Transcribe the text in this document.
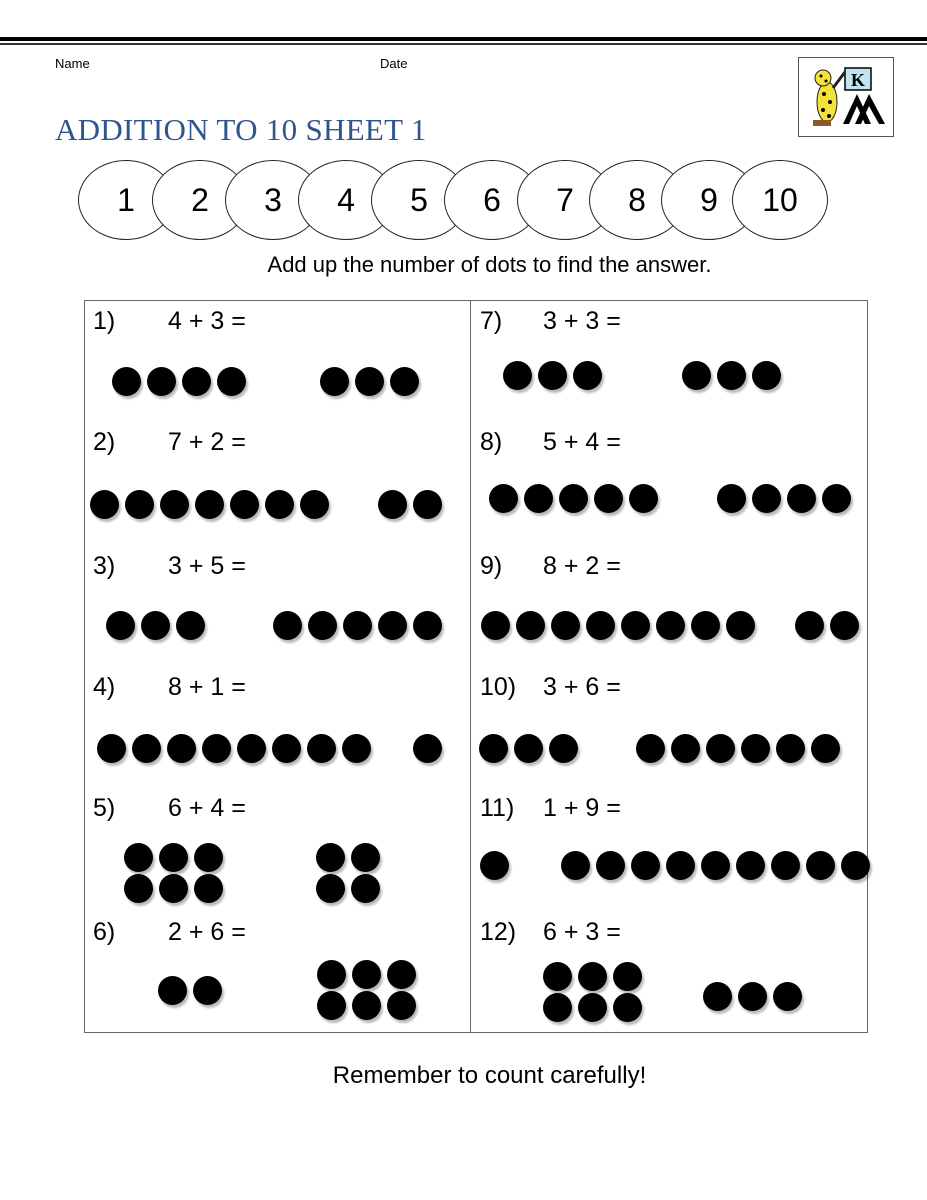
Name	Date
ADDITION TO 10 SHEET 1
K
1	2	3	4	5	6	7	8	9	10
Add up the number of dots to find the answer.
1) 4 + 3 =
2) 7 + 2 =
3) 3 + 5 =
4) 8 + 1 =
5) 6 + 4 =
6) 2 + 6 =
7) 3 + 3 =
8) 5 + 4 =
9) 8 + 2 =
10) 3 + 6 =
11) 1 + 9 =
12) 6 + 3 =
Remember to count carefully!
